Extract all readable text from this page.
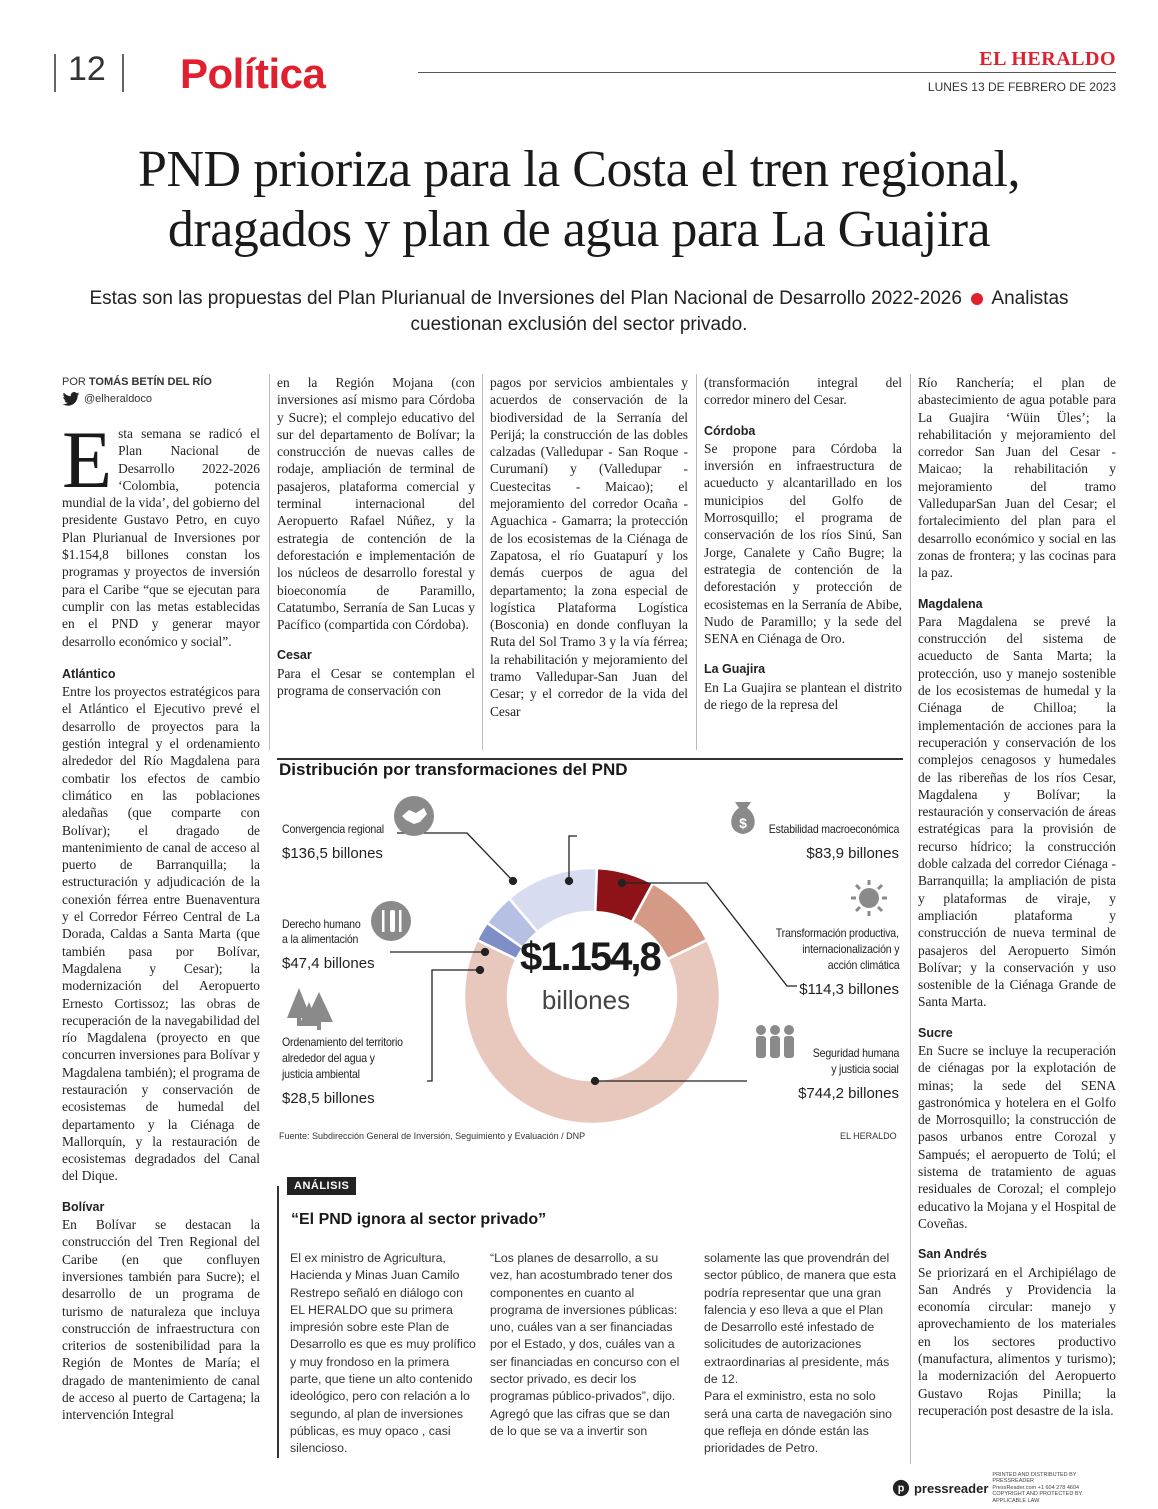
12 Política	EL HERALDO
LUNES 13 DE FEBRERO DE 2023
PND prioriza para la Costa el tren regional, dragados y plan de agua para La Guajira
Estas son las propuestas del Plan Plurianual de Inversiones del Plan Nacional de Desarrollo 2022-2026 Analistas cuestionan exclusión del sector privado.
POR TOMÁS BETÍN DEL RÍO
@elheraldoco

Esta semana se radicó el Plan Nacional de Desarrollo 2022-2026 ‘Colombia, potencia mundial de la vida’, del gobierno del presidente Gustavo Petro, en cuyo Plan Plurianual de Inversiones por $1.154,8 billones constan los programas y proyectos de inversión para el Caribe “que se ejecutan para cumplir con las metas establecidas en el PND y generar mayor desarrollo económico y social”.

Atlántico

Entre los proyectos estratégicos para el Atlántico el Ejecutivo prevé el desarrollo de proyectos para la gestión integral y el ordenamiento alrededor del Río Magdalena para combatir los efectos de cambio climático en las poblaciones aledañas (que comparte con Bolívar); el dragado de mantenimiento de canal de acceso al puerto de Barranquilla; la estructuración y adjudicación de la conexión férrea entre Buenaventura y el Corredor Férreo Central de La Dorada, Caldas a Santa Marta (que también pasa por Bolívar, Magdalena y Cesar); la modernización del Aeropuerto Ernesto Cortissoz; las obras de recuperación de la navegabilidad del río Magdalena (proyecto en que concurren inversiones para Bolívar y Magdalena también); el programa de restauración y conservación de ecosistemas de humedal del departamento y la Ciénaga de Mallorquín, y la restauración de ecosistemas degradados del Canal del Dique.

Bolívar

En Bolívar se destacan la construcción del Tren Regional del Caribe (en que confluyen inversiones también para Sucre); el desarrollo de un programa de turismo de naturaleza que incluya construcción de infraestructura con criterios de sostenibilidad para la Región de Montes de María; el dragado de mantenimiento de canal de acceso al puerto de Cartagena; la intervención Integral

en la Región Mojana (con inversiones así mismo para Córdoba y Sucre); el complejo educativo del sur del departamento de Bolívar; la construcción de nuevas calles de rodaje, ampliación de terminal de pasajeros, plataforma comercial y terminal internacional del Aeropuerto Rafael Núñez, y la estrategia de contención de la deforestación e implementación de los núcleos de desarrollo forestal y bioeconomía de Paramillo, Catatumbo, Serranía de San Lucas y Pacífico (compartida con Córdoba).

Cesar

Para el Cesar se contemplan el programa de conservación con

pagos por servicios ambientales y acuerdos de conservación de la biodiversidad de la Serranía del Perijá; la construcción de las dobles calzadas (Valledupar - San Roque - Curumaní) y (Valledupar - Cuestecitas - Maicao); el mejoramiento del corredor Ocaña - Aguachica - Gamarra; la protección de los ecosistemas de la Ciénaga de Zapatosa, el río Guatapurí y los demás cuerpos de agua del departamento; la zona especial de logística Plataforma Logística (Bosconia) en donde confluyan la Ruta del Sol Tramo 3 y la vía férrea; la rehabilitación y mejoramiento del tramo Valledupar-San Juan del Cesar; y el corredor de la vida del Cesar

(transformación integral del corredor minero del Cesar.

Córdoba

Se propone para Córdoba la inversión en infraestructura de acueducto y alcantarillado en los municipios del Golfo de Morrosquillo; el programa de conservación de los ríos Sinú, San Jorge, Canalete y Caño Bugre; la estrategia de contención de la deforestación y protección de ecosistemas en la Serranía de Abibe, Nudo de Paramillo; y la sede del SENA en Ciénaga de Oro.

La Guajira

En La Guajira se plantean el distrito de riego de la represa del

Río Ranchería; el plan de abastecimiento de agua potable para La Guajira ‘Wüin Üles’; la rehabilitación y mejoramiento del corredor San Juan del Cesar - Maicao; la rehabilitación y mejoramiento del tramo ValleduparSan Juan del Cesar; el fortalecimiento del plan para el desarrollo económico y social en las zonas de frontera; y las cocinas para la paz.

Magdalena

Para Magdalena se prevé la construcción del sistema de acueducto de Santa Marta; la protección, uso y manejo sostenible de los ecosistemas de humedal y la Ciénaga de Chilloa; la implementación de acciones para la recuperación y conservación de los complejos cenagosos y humedales de las ribereñas de los ríos Cesar, Magdalena y Bolívar; la restauración y conservación de áreas estratégicas para la provisión de recurso hídrico; la construcción doble calzada del corredor Ciénaga - Barranquilla; la ampliación de pista y plataformas de viraje, y ampliación plataforma y construcción de nueva terminal de pasajeros del Aeropuerto Simón Bolívar; y la conservación y uso sostenible de la Ciénaga Grande de Santa Marta.

Sucre

En Sucre se incluye la recuperación de ciénagas por la explotación de minas; la sede del SENA gastronómica y hotelera en el Golfo de Morrosquillo; la construcción de pasos urbanos entre Corozal y Sampués; el aeropuerto de Tolú; el sistema de tratamiento de aguas residuales de Corozal; el complejo educativo la Mojana y el Hospital de Coveñas.

San Andrés

Se priorizará en el Archipiélago de San Andrés y Providencia la economía circular: manejo y aprovechamiento de los materiales en los sectores productivo (manufactura, alimentos y turismo); la modernización del Aeropuerto Gustavo Rojas Pinilla; la recuperación post desastre de la isla.

Distribución por transformaciones del PND
$
$1.154,8
billones
Convergencia regional
$136,5 billones
Derecho humano
a la alimentación
$47,4 billones
Ordenamiento del territorio
alrededor del agua y
justicia ambiental
$28,5 billones
Estabilidad macroeconómica
$83,9 billones
Transformación productiva,
internacionalización y
acción climática
$114,3 billones
Seguridad humana
y justicia social
$744,2 billones
Fuente: Subdirección General de Inversión, Seguimiento y Evaluación / DNP	EL HERALDO
ANÁLISIS
“El PND ignora al sector privado”

El ex ministro de Agricultura, Hacienda y Minas Juan Camilo Restrepo señaló en diálogo con EL HERALDO que su primera impresión sobre este Plan de Desarrollo es que es muy prolífico y muy frondoso en la primera parte, que tiene un alto contenido ideológico, pero con relación a lo segundo, al plan de inversiones públicas, es muy opaco , casi silencioso.

“Los planes de desarrollo, a su vez, han acostumbrado tener dos componentes en cuanto al programa de inversiones públicas: uno, cuáles van a ser financiadas por el Estado, y dos, cuáles van a ser financiadas en concurso con el sector privado, es decir los programas público-privados”, dijo.

Agregó que las cifras que se dan de lo que se va a invertir son

solamente las que provendrán del sector público, de manera que esta podría representar que una gran falencia y eso lleva a que el Plan de Desarrollo esté infestado de solicitudes de autorizaciones extraordinarias al presidente, más de 12.

Para el exministro, esta no solo será una carta de navegación sino que refleja en dónde están las prioridades de Petro.

p pressreader
PRINTED AND DISTRIBUTED BY PRESSREADER
PressReader.com +1 604 278 4604
COPYRIGHT AND PROTECTED BY APPLICABLE LAW
